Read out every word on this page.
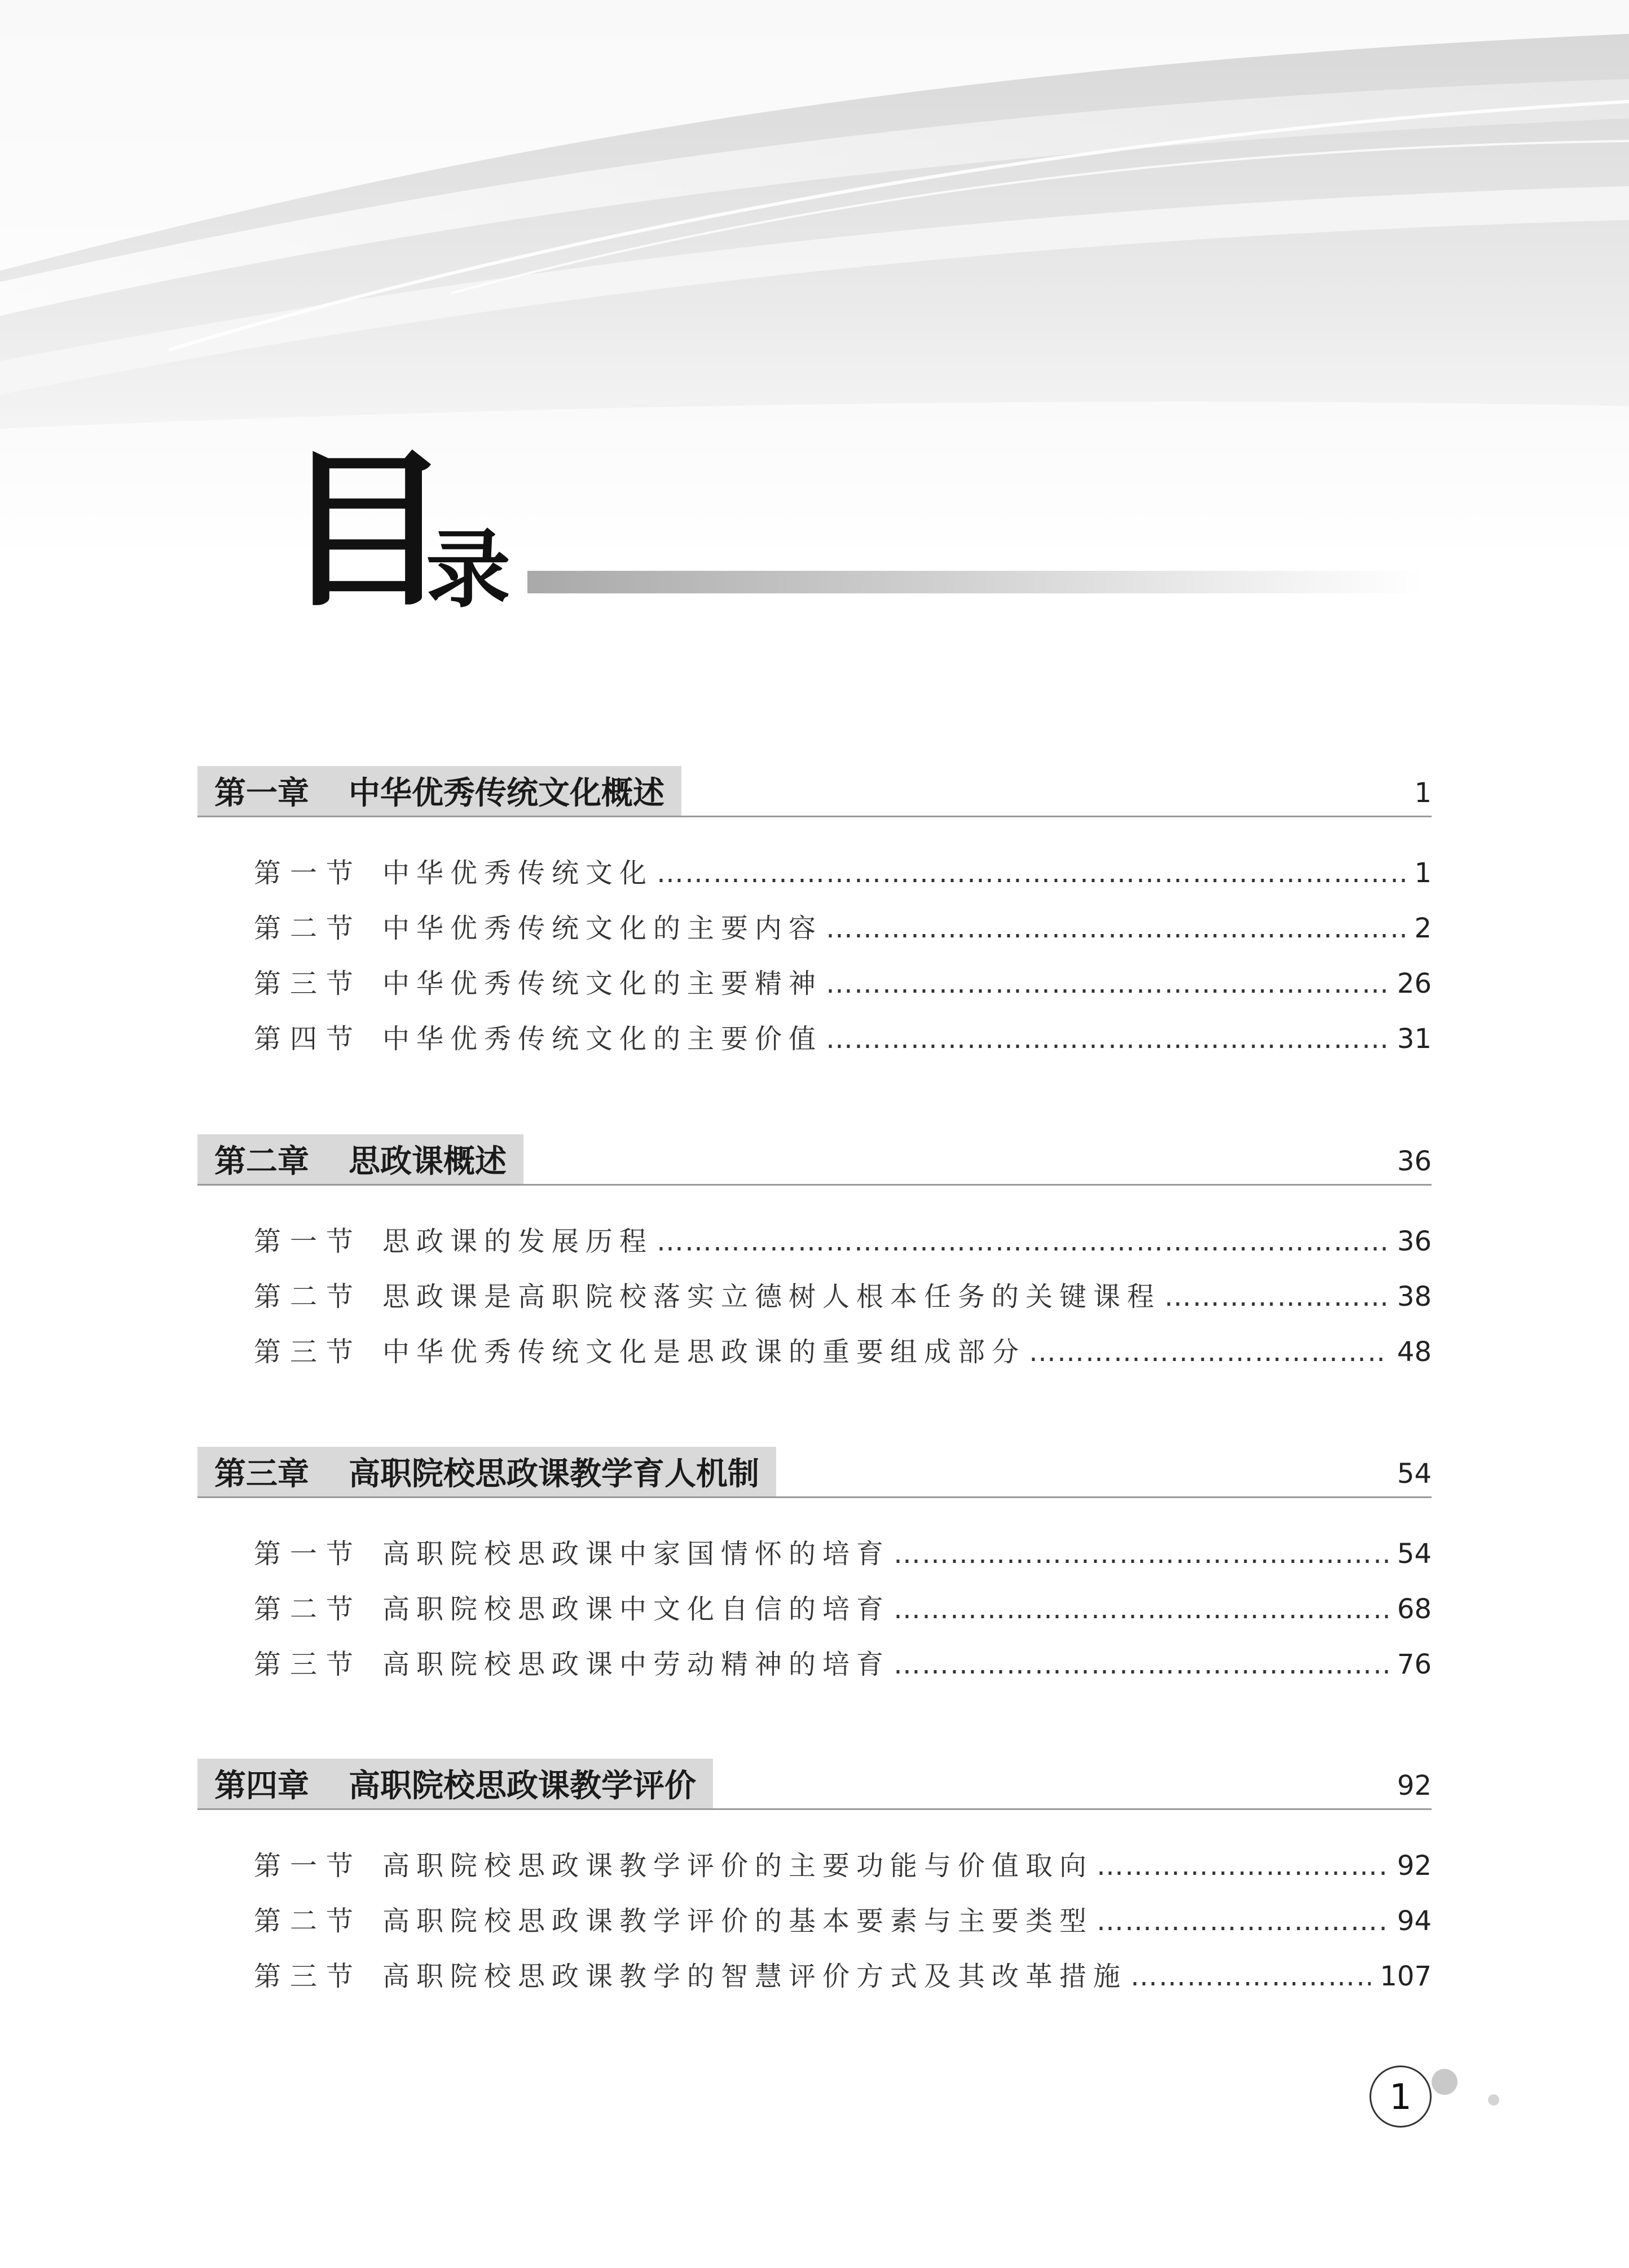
目
录
第一章 中华优秀传统文化概述	1
第一节 中华优秀传统文化 ……………………………………………………………………………………………………………………………………………………………………………………………	1
第二节 中华优秀传统文化的主要内容 ……………………………………………………………………………………………………………………………………………………………………………………………	2
第三节 中华优秀传统文化的主要精神 ……………………………………………………………………………………………………………………………………………………………………………………………	26
第四节 中华优秀传统文化的主要价值 ……………………………………………………………………………………………………………………………………………………………………………………………	31
第二章 思政课概述	36
第一节 思政课的发展历程 ……………………………………………………………………………………………………………………………………………………………………………………………	36
第二节 思政课是高职院校落实立德树人根本任务的关键课程 ……………………………………………………………………………………………………………………………………………………………………………………………	38
第三节 中华优秀传统文化是思政课的重要组成部分 ……………………………………………………………………………………………………………………………………………………………………………………………	48
第三章 高职院校思政课教学育人机制	54
第一节 高职院校思政课中家国情怀的培育 ……………………………………………………………………………………………………………………………………………………………………………………………	54
第二节 高职院校思政课中文化自信的培育 ……………………………………………………………………………………………………………………………………………………………………………………………	68
第三节 高职院校思政课中劳动精神的培育 ……………………………………………………………………………………………………………………………………………………………………………………………	76
第四章 高职院校思政课教学评价	92
第一节 高职院校思政课教学评价的主要功能与价值取向 ……………………………………………………………………………………………………………………………………………………………………………………………	92
第二节 高职院校思政课教学评价的基本要素与主要类型 ……………………………………………………………………………………………………………………………………………………………………………………………	94
第三节 高职院校思政课教学的智慧评价方式及其改革措施 ……………………………………………………………………………………………………………………………………………………………………………………………	107
1
